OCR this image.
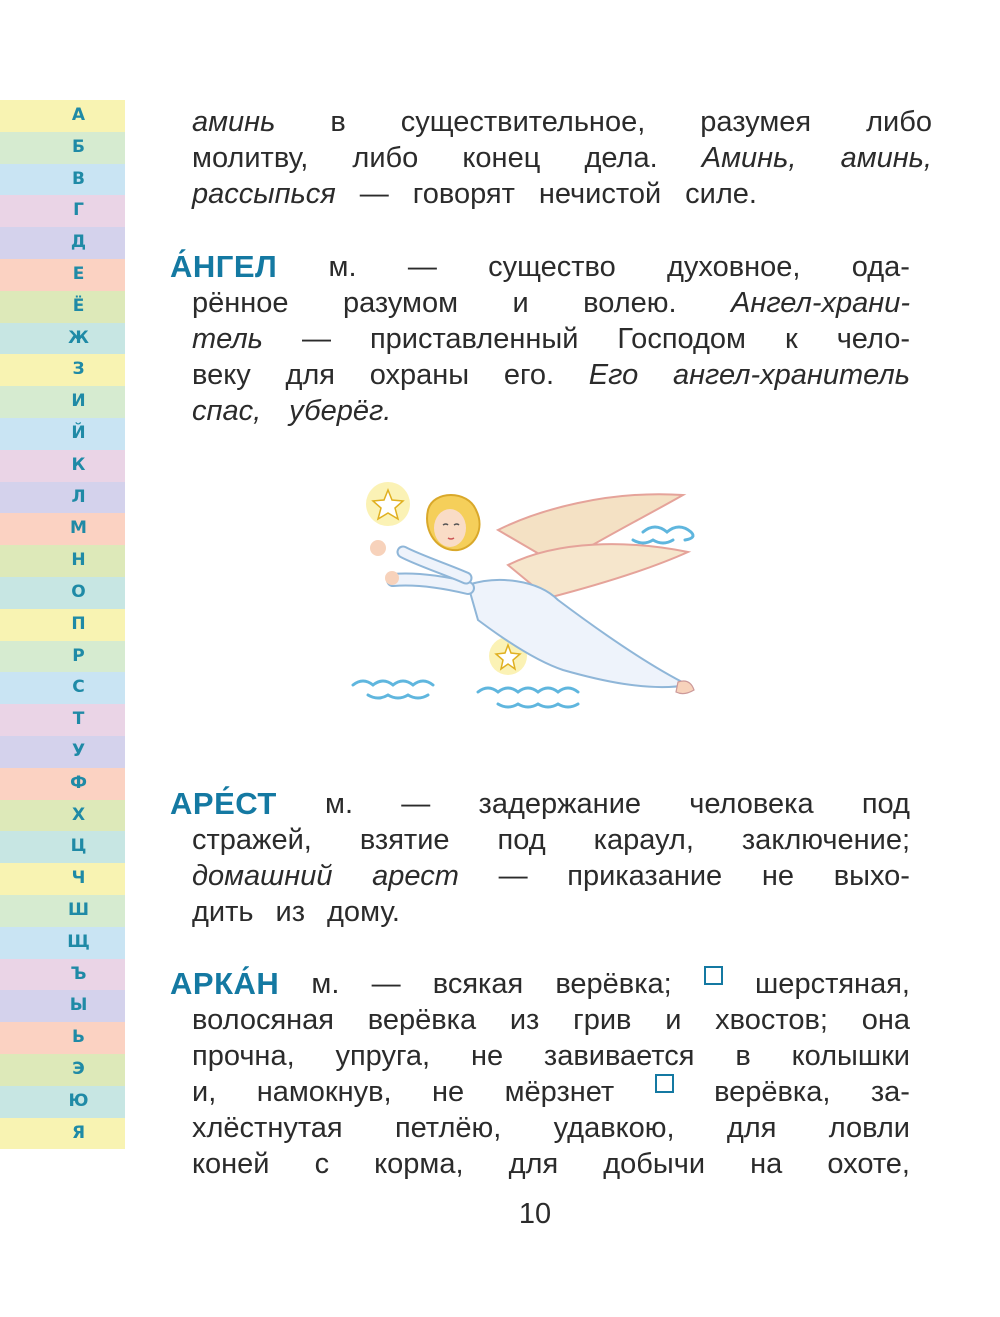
А
Б
В
Г
Д
Е
Ё
Ж
З
И
Й
К
Л
М
Н
О
П
Р
С
Т
У
Ф
Х
Ц
Ч
Ш
Щ
Ъ
Ы
Ь
Э
Ю
Я
аминь в существительное, разумея либо
молитву, либо конец дела. Аминь, аминь,
рассыпься — говорят нечистой силе.
А́НГЕЛ м. — существо духовное, ода-
рённое разумом и волею. Ангел-храни-
тель — приставленный Господом к чело-
веку для охраны его. Его ангел-хранитель
спас, уберёг.
АРЕ́СТ м. — задержание человека под
стражей, взятие под караул, заключение;
домашний арест — приказание не выхо-
дить из дому.
АРКА́Н м. — всякая верёвка;	шерстяная,
волосяная верёвка из грив и хвостов; она
прочна, упруга, не завивается в колышки
и, намокнув, не мёрзнет	верёвка, за-
хлёстнутая петлёю, удавкою, для ловли
коней с корма, для добычи на охоте,
10
